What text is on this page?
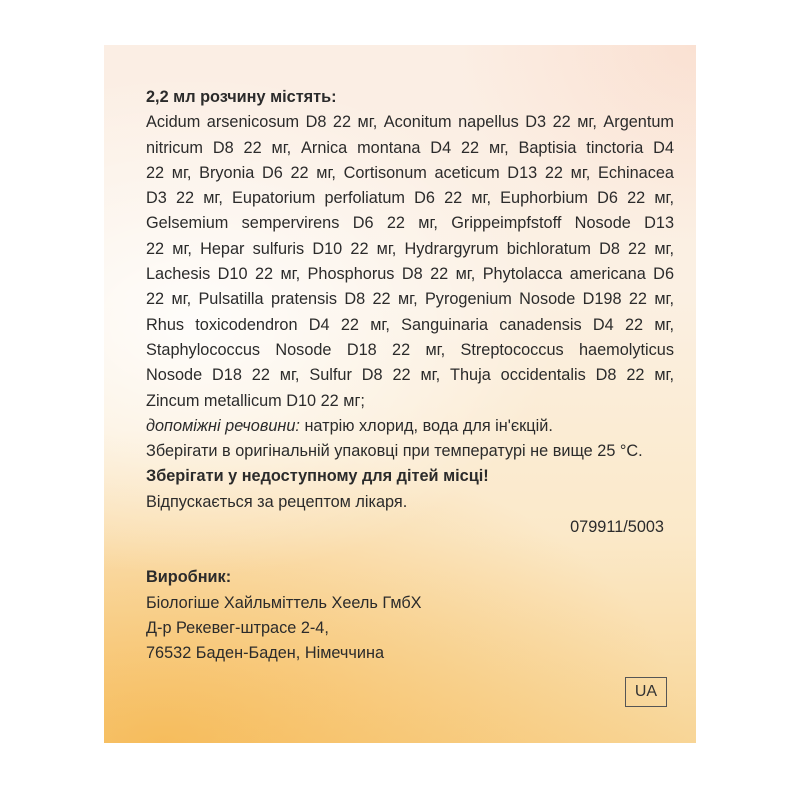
2,2 мл розчину містять:
Acidum arsenicosum D8 22 мг, Aconitum napellus D3 22 мг, Argentum
nitricum D8 22 мг, Arnica montana D4 22 мг, Baptisia tinctoria D4
22 мг, Bryonia D6 22 мг, Cortisonum aceticum D13 22 мг, Echinacea
D3 22 мг, Eupatorium perfoliatum D6 22 мг, Euphorbium D6 22 мг,
Gelsemium sempervirens D6 22 мг, Grippeimpfstoff Nosode D13
22 мг, Hepar sulfuris D10 22 мг, Hydrargyrum bichloratum D8 22 мг,
Lachesis D10 22 мг, Phosphorus D8 22 мг, Phytolacca americana D6
22 мг, Pulsatilla pratensis D8 22 мг, Pyrogenium Nosode D198 22 мг,
Rhus toxicodendron D4 22 мг, Sanguinaria canadensis D4 22 мг,
Staphylococcus Nosode D18 22 мг, Streptococcus haemolyticus
Nosode D18 22 мг, Sulfur D8 22 мг, Thuja occidentalis D8 22 мг,
Zincum metallicum D10 22 мг;
допоміжні речовини: натрію хлорид, вода для ін'єкцій.
Зберігати в оригінальній упаковці при температурі не вище 25 °С.
Зберігати у недоступному для дітей місці!
Відпускається за рецептом лікаря.
079911/5003
Виробник:
Біологіше Хайльміттель Хеель ГмбХ
Д-р Рекевег-штрасе 2-4,
76532 Баден-Баден, Німеччина
UA
